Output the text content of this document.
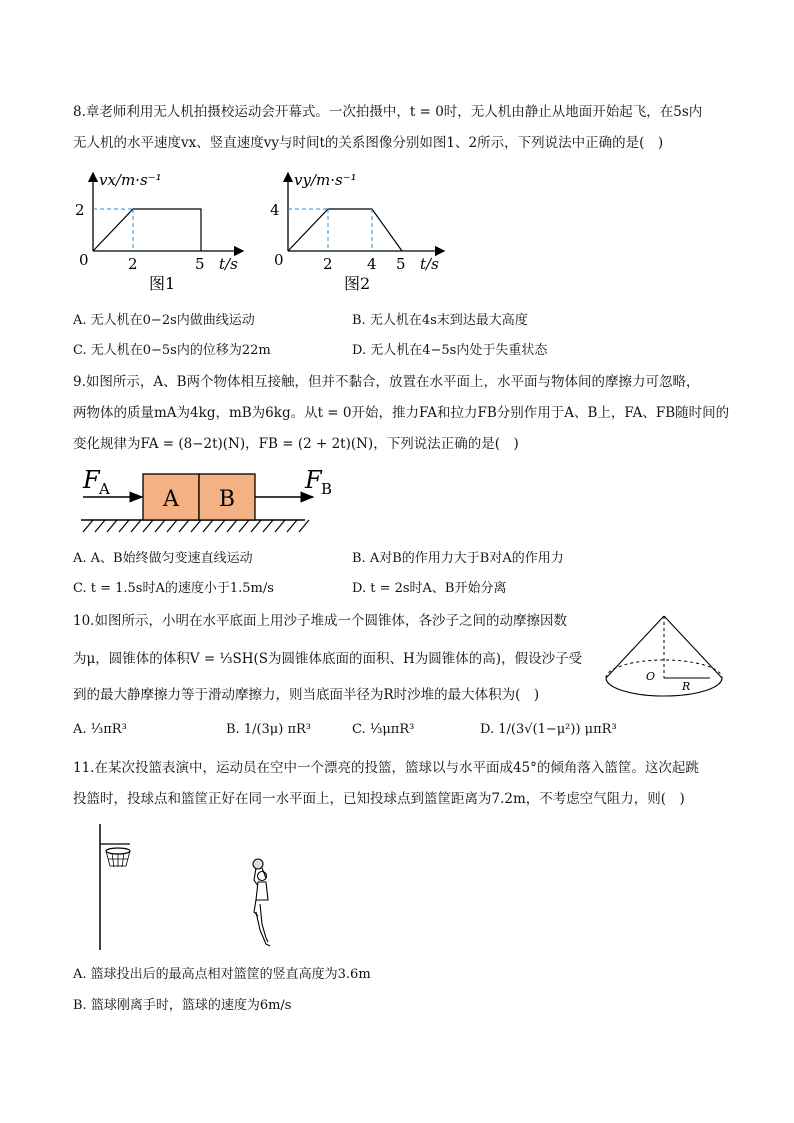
8.章老师利用无人机拍摄校运动会开幕式。一次拍摄中，t = 0时，无人机由静止从地面开始起飞，在5s内
无人机的水平速度vx、竖直速度vy与时间t的关系图像分别如图1、2所示，下列说法中正确的是(　)
vx/m·s⁻¹
2
0	2	5 t/s
图1
vy/m·s⁻¹
4
0	2 4 5 t/s
图2
A. 无人机在0−2s内做曲线运动	B. 无人机在4s末到达最大高度
C. 无人机在0−5s内的位移为22m	D. 无人机在4−5s内处于失重状态
9.如图所示，A、B两个物体相互接触，但并不黏合，放置在水平面上，水平面与物体间的摩擦力可忽略，
两物体的质量mA为4kg，mB为6kg。从t = 0开始，推力FA和拉力FB分别作用于A、B上，FA、FB随时间的
变化规律为FA = (8−2t)(N)，FB = (2 + 2t)(N)，下列说法正确的是(　)
A B
F A	F B
A. A、B始终做匀变速直线运动	B. A对B的作用力大于B对A的作用力
C. t = 1.5s时A的速度小于1.5m/s	D. t = 2s时A、B开始分离
10.如图所示，小明在水平底面上用沙子堆成一个圆锥体，各沙子之间的动摩擦因数
为μ，圆锥体的体积V = ⅓SH(S为圆锥体底面的面积、H为圆锥体的高)，假设沙子受
到的最大静摩擦力等于滑动摩擦力，则当底面半径为R时沙堆的最大体积为(　)
O
R
A. ⅓πR³	B. 1/(3μ) πR³	C. ⅓μπR³	D. 1/(3√(1−μ²)) μπR³
11.在某次投篮表演中，运动员在空中一个漂亮的投篮，篮球以与水平面成45°的倾角落入篮筐。这次起跳
投篮时，投球点和篮筐正好在同一水平面上，已知投球点到篮筐距离为7.2m，不考虑空气阻力，则(　)
A. 篮球投出后的最高点相对篮筐的竖直高度为3.6m
B. 篮球刚离手时，篮球的速度为6m/s
